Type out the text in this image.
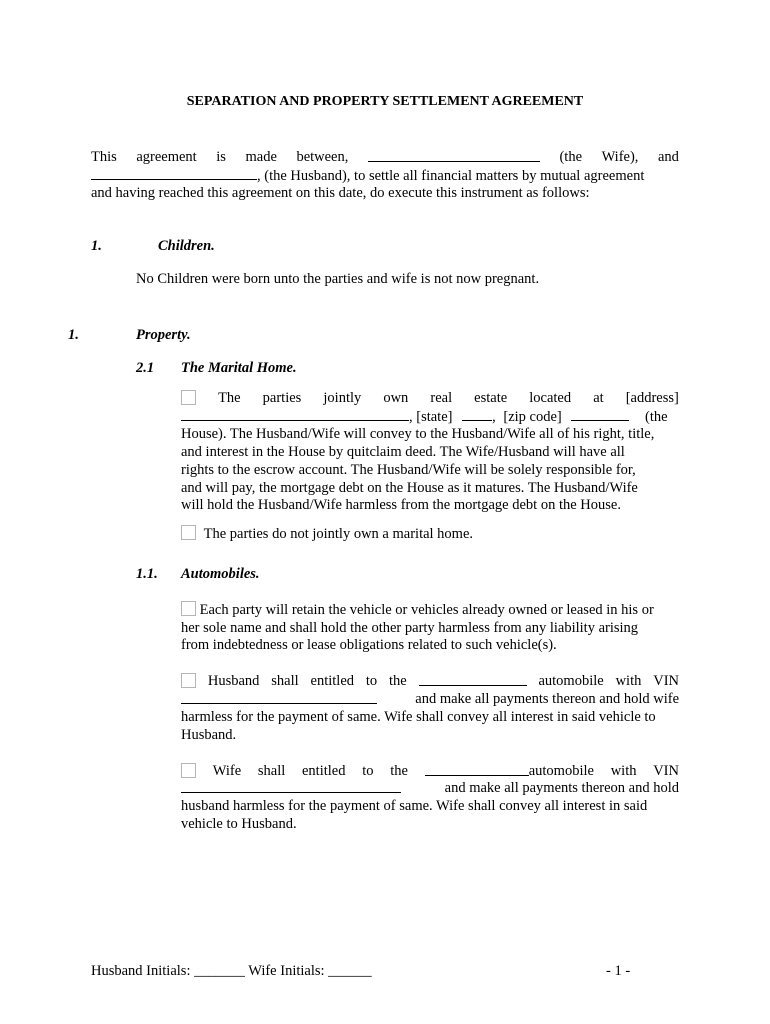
SEPARATION AND PROPERTY SETTLEMENT AGREEMENT
This agreement is made between,	(the Wife), and
, (the Husband), to settle all financial matters by mutual agreement
and having reached this agreement on this date, do execute this instrument as follows:
1.	Children.
No Children were born unto the parties and wife is not now pregnant.
1.	Property.
2.1 The Marital Home.
The parties jointly own real estate located at [address]
, [state]	, [zip code]	(the
House). The Husband/Wife will convey to the Husband/Wife all of his right, title,
and interest in the House by quitclaim deed. The Wife/Husband will have all
rights to the escrow account. The Husband/Wife will be solely responsible for,
and will pay, the mortgage debt on the House as it matures. The Husband/Wife
will hold the Husband/Wife harmless from the mortgage debt on the House.
The parties do not jointly own a marital home.
1.1. Automobiles.
Each party will retain the vehicle or vehicles already owned or leased in his or
her sole name and shall hold the other party harmless from any liability arising
from indebtedness or lease obligations related to such vehicle(s).
Husband shall entitled to the	automobile with VIN
and make all payments thereon and hold wife
harmless for the payment of same. Wife shall convey all interest in said vehicle to
Husband.
Wife shall entitled to the	automobile with VIN
and make all payments thereon and hold
husband harmless for the payment of same. Wife shall convey all interest in said
vehicle to Husband.
Husband Initials: _______ Wife Initials: ______	- 1 -
